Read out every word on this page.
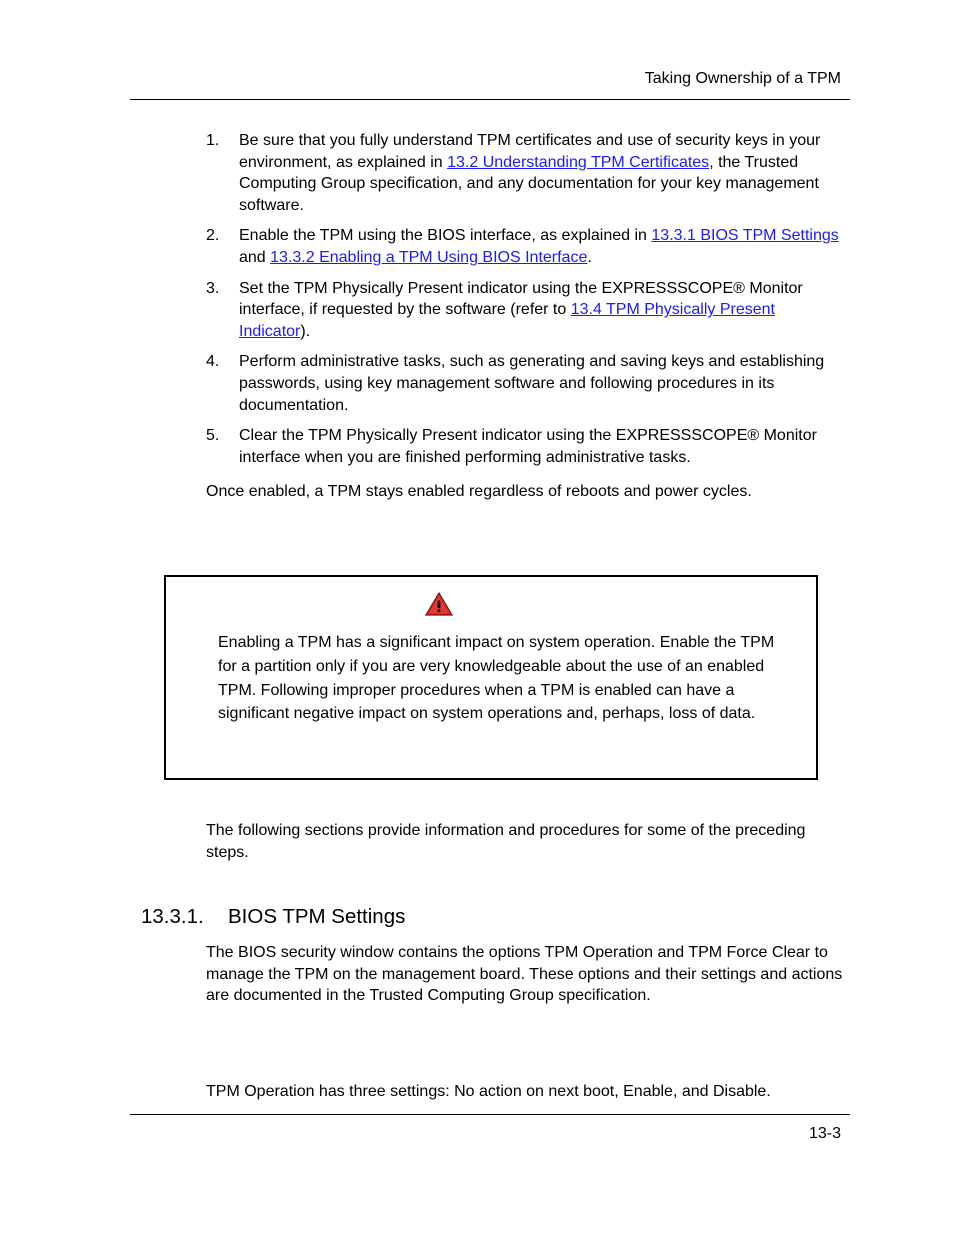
Taking Ownership of a TPM
1. Be sure that you fully understand TPM certificates and use of security keys in your environment, as explained in 13.2 Understanding TPM Certificates, the Trusted Computing Group specification, and any documentation for your key management software.
2. Enable the TPM using the BIOS interface, as explained in 13.3.1 BIOS TPM Settings and 13.3.2 Enabling a TPM Using BIOS Interface.
3. Set the TPM Physically Present indicator using the EXPRESSSCOPE® Monitor interface, if requested by the software (refer to 13.4 TPM Physically Present Indicator).
4. Perform administrative tasks, such as generating and saving keys and establishing passwords, using key management software and following procedures in its documentation.
5. Clear the TPM Physically Present indicator using the EXPRESSSCOPE® Monitor interface when you are finished performing administrative tasks.
Once enabled, a TPM stays enabled regardless of reboots and power cycles.
Enabling a TPM has a significant impact on system operation. Enable the TPM for a partition only if you are very knowledgeable about the use of an enabled TPM. Following improper procedures when a TPM is enabled can have a significant negative impact on system operations and, perhaps, loss of data.
The following sections provide information and procedures for some of the preceding steps.
13.3.1. BIOS TPM Settings
The BIOS security window contains the options TPM Operation and TPM Force Clear to manage the TPM on the management board. These options and their settings and actions are documented in the Trusted Computing Group specification.
TPM Operation has three settings: No action on next boot, Enable, and Disable.
13-3
